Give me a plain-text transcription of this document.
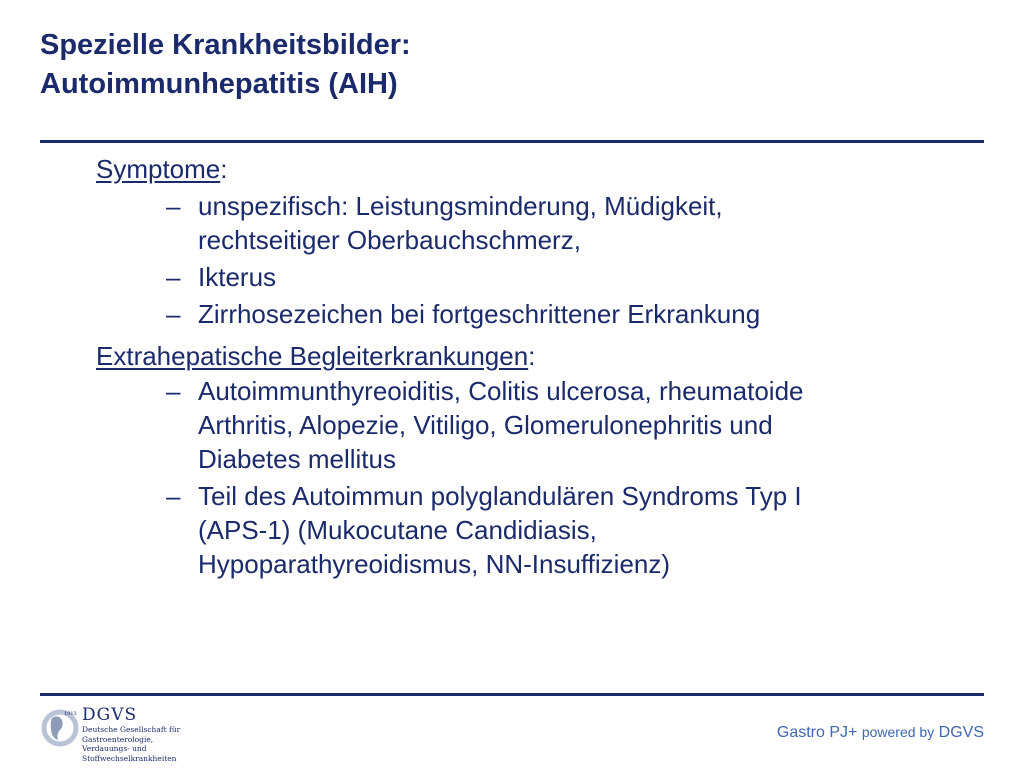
Spezielle Krankheitsbilder:
Autoimmunhepatitis (AIH)
Symptome:
– unspezifisch: Leistungsminderung, Müdigkeit,
rechtseitiger Oberbauchschmerz,
– Ikterus
– Zirrhosezeichen bei fortgeschrittener Erkrankung
Extrahepatische Begleiterkrankungen:
– Autoimmunthyreoiditis, Colitis ulcerosa, rheumatoide
Arthritis, Alopezie, Vitiligo, Glomerulonephritis und
Diabetes mellitus
– Teil des Autoimmun polyglandulären Syndroms Typ I
(APS-1) (Mukocutane Candidiasis,
Hypoparathyreoidismus, NN-Insuffizienz)
1913 DGVS
Deutsche Gesellschaft für
Gastroenterologie,
Verdauungs- und
Stoffwechselkrankheiten
Gastro PJ+ powered by DGVS
